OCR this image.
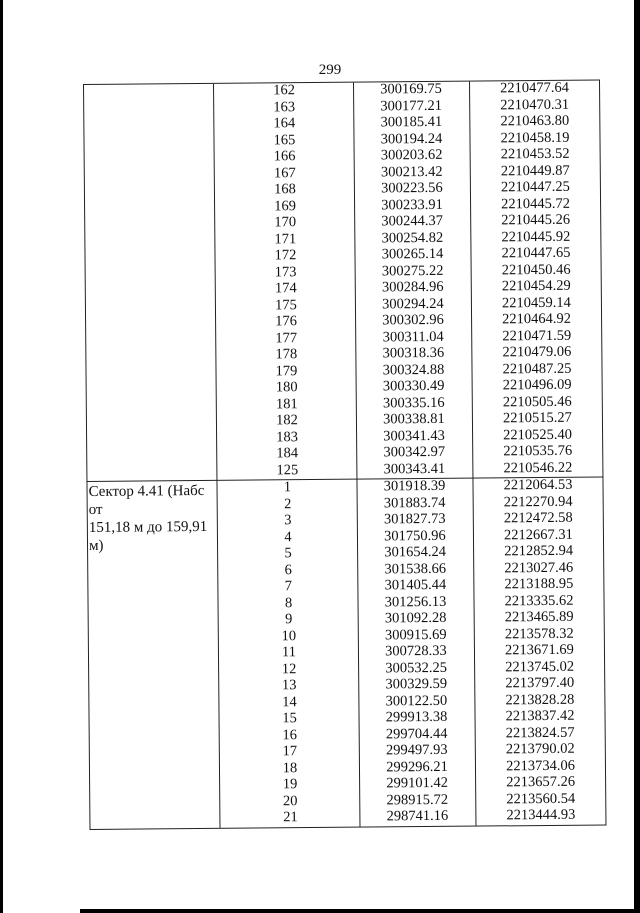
299
162	300169.75	2210477.64
163	300177.21	2210470.31
164	300185.41	2210463.80
165	300194.24	2210458.19
166	300203.62	2210453.52
167	300213.42	2210449.87
168	300223.56	2210447.25
169	300233.91	2210445.72
170	300244.37	2210445.26
171	300254.82	2210445.92
172	300265.14	2210447.65
173	300275.22	2210450.46
174	300284.96	2210454.29
175	300294.24	2210459.14
176	300302.96	2210464.92
177	300311.04	2210471.59
178	300318.36	2210479.06
179	300324.88	2210487.25
180	300330.49	2210496.09
181	300335.16	2210505.46
182	300338.81	2210515.27
183	300341.43	2210525.40
184	300342.97	2210535.76
125	300343.41	2210546.22
Сектор 4.41 (Набс от
151,18 м до 159,91 м)
1	301918.39	2212064.53
2	301883.74	2212270.94
3	301827.73	2212472.58
4	301750.96	2212667.31
5	301654.24	2212852.94
6	301538.66	2213027.46
7	301405.44	2213188.95
8	301256.13	2213335.62
9	301092.28	2213465.89
10	300915.69	2213578.32
11	300728.33	2213671.69
12	300532.25	2213745.02
13	300329.59	2213797.40
14	300122.50	2213828.28
15	299913.38	2213837.42
16	299704.44	2213824.57
17	299497.93	2213790.02
18	299296.21	2213734.06
19	299101.42	2213657.26
20	298915.72	2213560.54
21	298741.16	2213444.93
